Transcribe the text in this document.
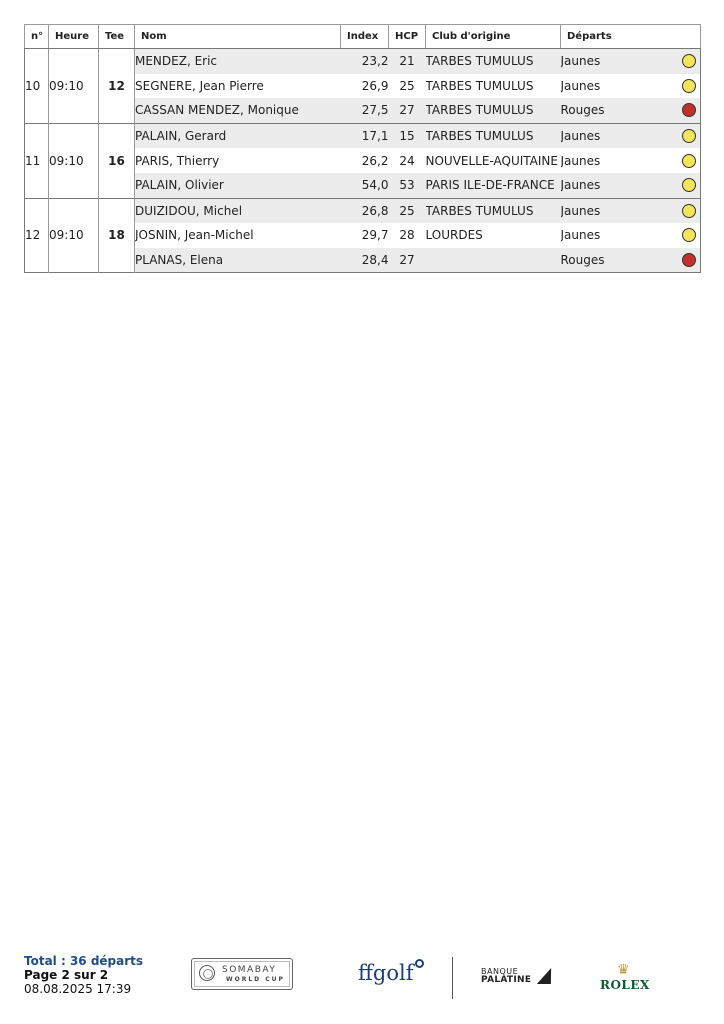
n°	Heure	Tee	Nom	Index	HCP	Club d'origine	Départs
10	09:10	12	MENDEZ, Eric	23,2	21	TARBES TUMULUS	Jaunes

			SEGNERE, Jean Pierre	26,9	25	TARBES TUMULUS	Jaunes

			CASSAN MENDEZ, Monique	27,5	27	TARBES TUMULUS	Rouges

11	09:10	16	PALAIN, Gerard	17,1	15	TARBES TUMULUS	Jaunes

			PARIS, Thierry	26,2	24	NOUVELLE-AQUITAINE	Jaunes

			PALAIN, Olivier	54,0	53	PARIS ILE-DE-FRANCE	Jaunes

12	09:10	18	DUIZIDOU, Michel	26,8	25	TARBES TUMULUS	Jaunes

			JOSNIN, Jean-Michel	29,7	28	LOURDES	Jaunes

			PLANAS, Elena	28,4	27		Rouges
Total : 36 départs
Page 2 sur 2
08.08.2025 17:39
SOMABAY
WORLD CUP	ffgolf	BANQUE
PALATINE
♛
ROLEX
